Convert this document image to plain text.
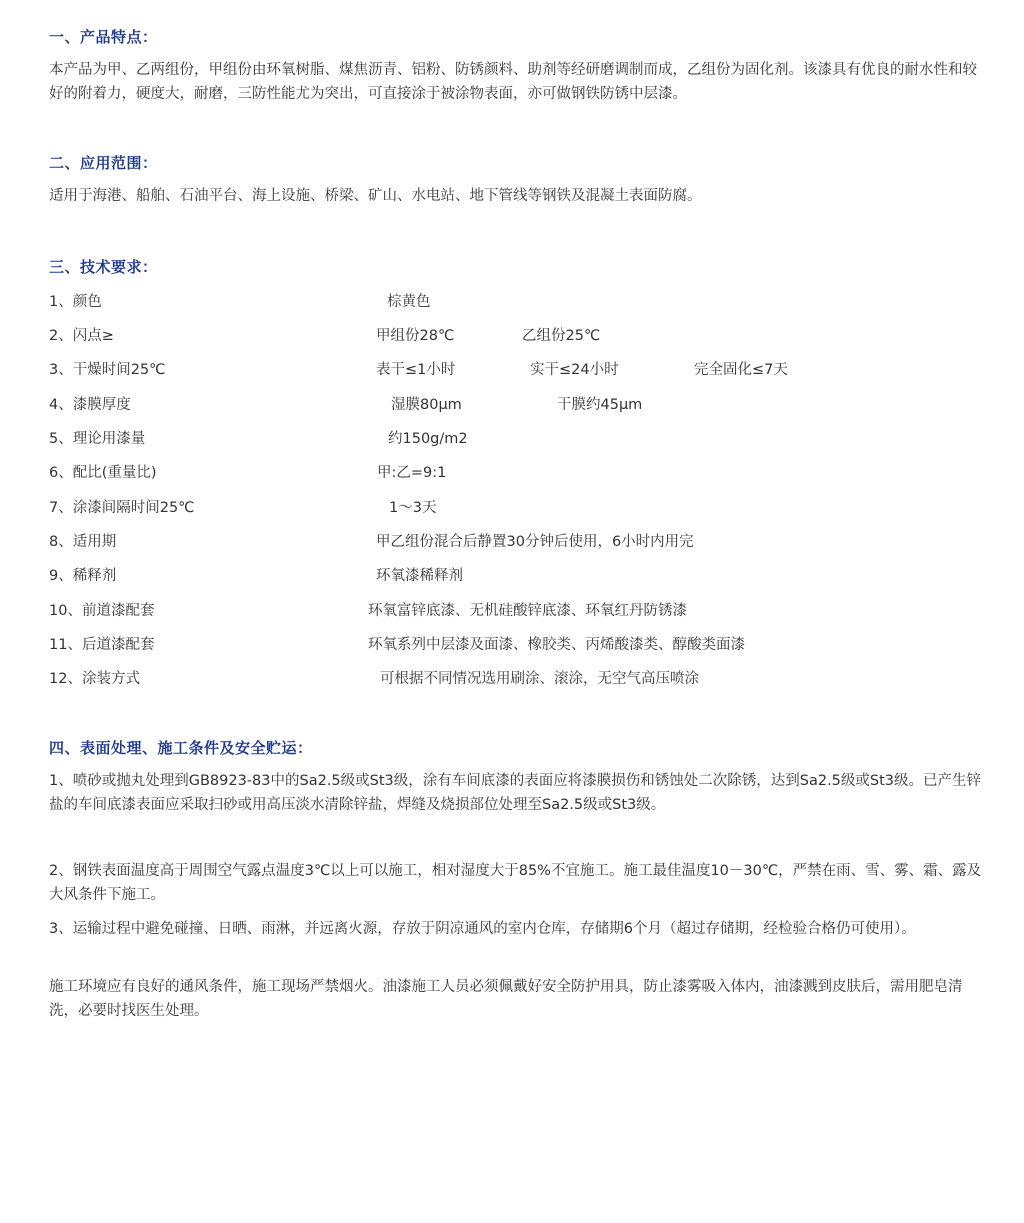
一、产品特点：
本产品为甲、乙两组份，甲组份由环氧树脂、煤焦沥青、铝粉、防锈颜料、助剂等经研磨调制而成，乙组份为固化剂。该漆具有优良的耐水性和较好的附着力，硬度大，耐磨，三防性能尤为突出，可直接涂于被涂物表面，亦可做钢铁防锈中层漆。
二、应用范围：
适用于海港、船舶、石油平台、海上设施、桥梁、矿山、水电站、地下管线等钢铁及混凝土表面防腐。
三、技术要求：
1、颜色	棕黄色
2、闪点≥	甲组份28℃	乙组份25℃
3、干燥时间25℃	表干≤1小时	实干≤24小时	完全固化≤7天
4、漆膜厚度	湿膜80μm	干膜约45μm
5、理论用漆量	约150g/m2
6、配比(重量比)	甲:乙=9:1
7、涂漆间隔时间25℃	1～3天
8、适用期	甲乙组份混合后静置30分钟后使用，6小时内用完
9、稀释剂	环氧漆稀释剂
10、前道漆配套	环氧富锌底漆、无机硅酸锌底漆、环氧红丹防锈漆
11、后道漆配套	环氧系列中层漆及面漆、橡胶类、丙烯酸漆类、醇酸类面漆
12、涂装方式	可根据不同情况选用刷涂、滚涂，无空气高压喷涂
四、表面处理、施工条件及安全贮运：
1、喷砂或抛丸处理到GB8923-83中的Sa2.5级或St3级，涂有车间底漆的表面应将漆膜损伤和锈蚀处二次除锈，达到Sa2.5级或St3级。已产生锌盐的车间底漆表面应采取扫砂或用高压淡水清除锌盐，焊缝及烧损部位处理至Sa2.5级或St3级。
2、钢铁表面温度高于周围空气露点温度3℃以上可以施工，相对湿度大于85%不宜施工。施工最佳温度10－30℃，严禁在雨、雪、雾、霜、露及大风条件下施工。
3、运输过程中避免碰撞、日晒、雨淋，并远离火源，存放于阴凉通风的室内仓库，存储期6个月（超过存储期，经检验合格仍可使用）。
施工环境应有良好的通风条件，施工现场严禁烟火。油漆施工人员必须佩戴好安全防护用具，防止漆雾吸入体内，油漆溅到皮肤后，需用肥皂清洗，必要时找医生处理。
